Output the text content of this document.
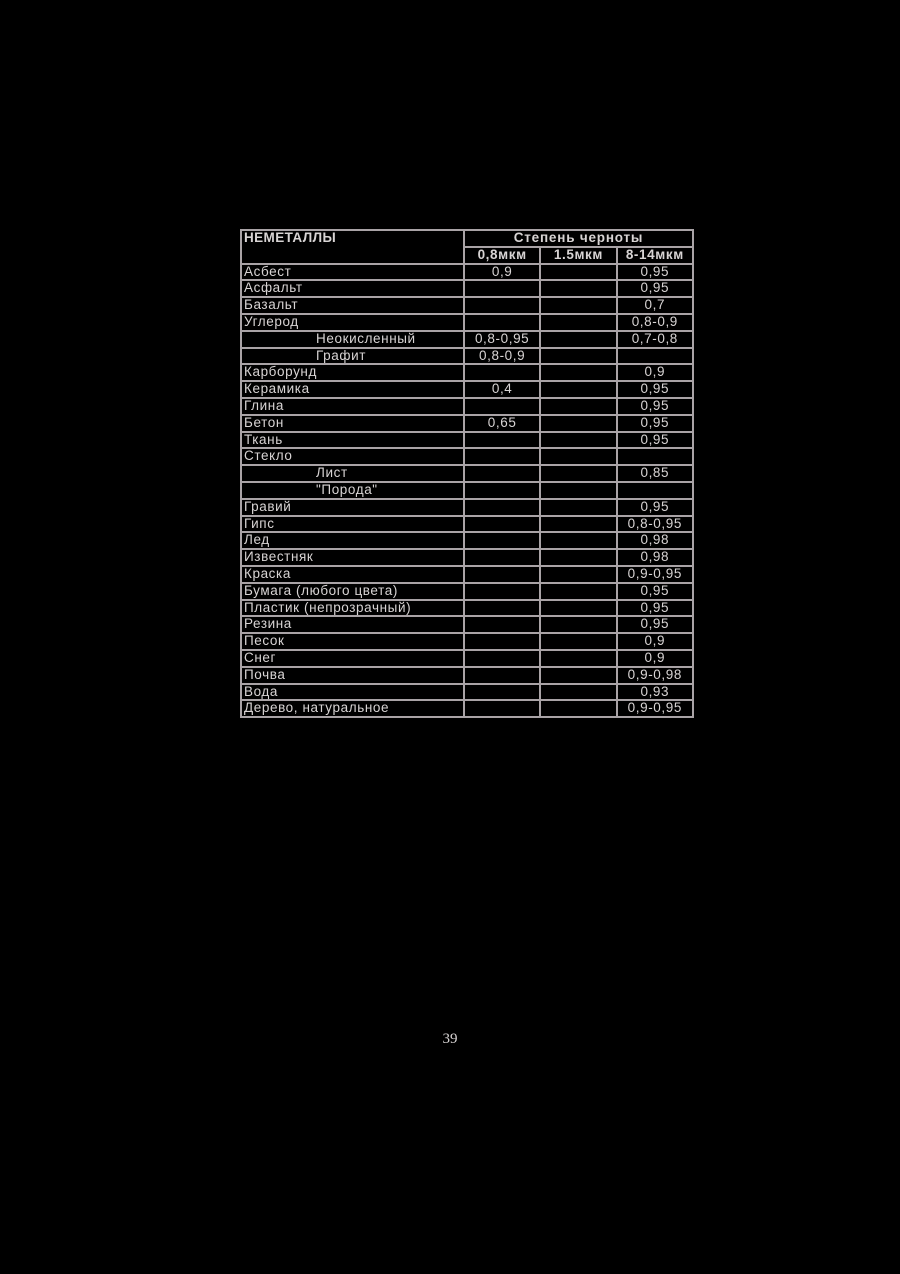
НЕМЕТАЛЛЫ	Степень черноты		
	0,8мкм	1.5мкм	8-14мкм
Асбест	0,9		0,95
Асфальт			0,95
Базальт			0,7
Углерод			0,8-0,9
Неокисленный	0,8-0,95		0,7-0,8
Графит	0,8-0,9		
Карборунд			0,9
Керамика	0,4		0,95
Глина			0,95
Бетон	0,65		0,95
Ткань			0,95
Стекло			
Лист			0,85
"Порода"			
Гравий			0,95
Гипс			0,8-0,95
Лед			0,98
Известняк			0,98
Краска			0,9-0,95
Бумага (любого цвета)			0,95
Пластик (непрозрачный)			0,95
Резина			0,95
Песок			0,9
Снег			0,9
Почва			0,9-0,98
Вода			0,93
Дерево, натуральное			0,9-0,95
39
